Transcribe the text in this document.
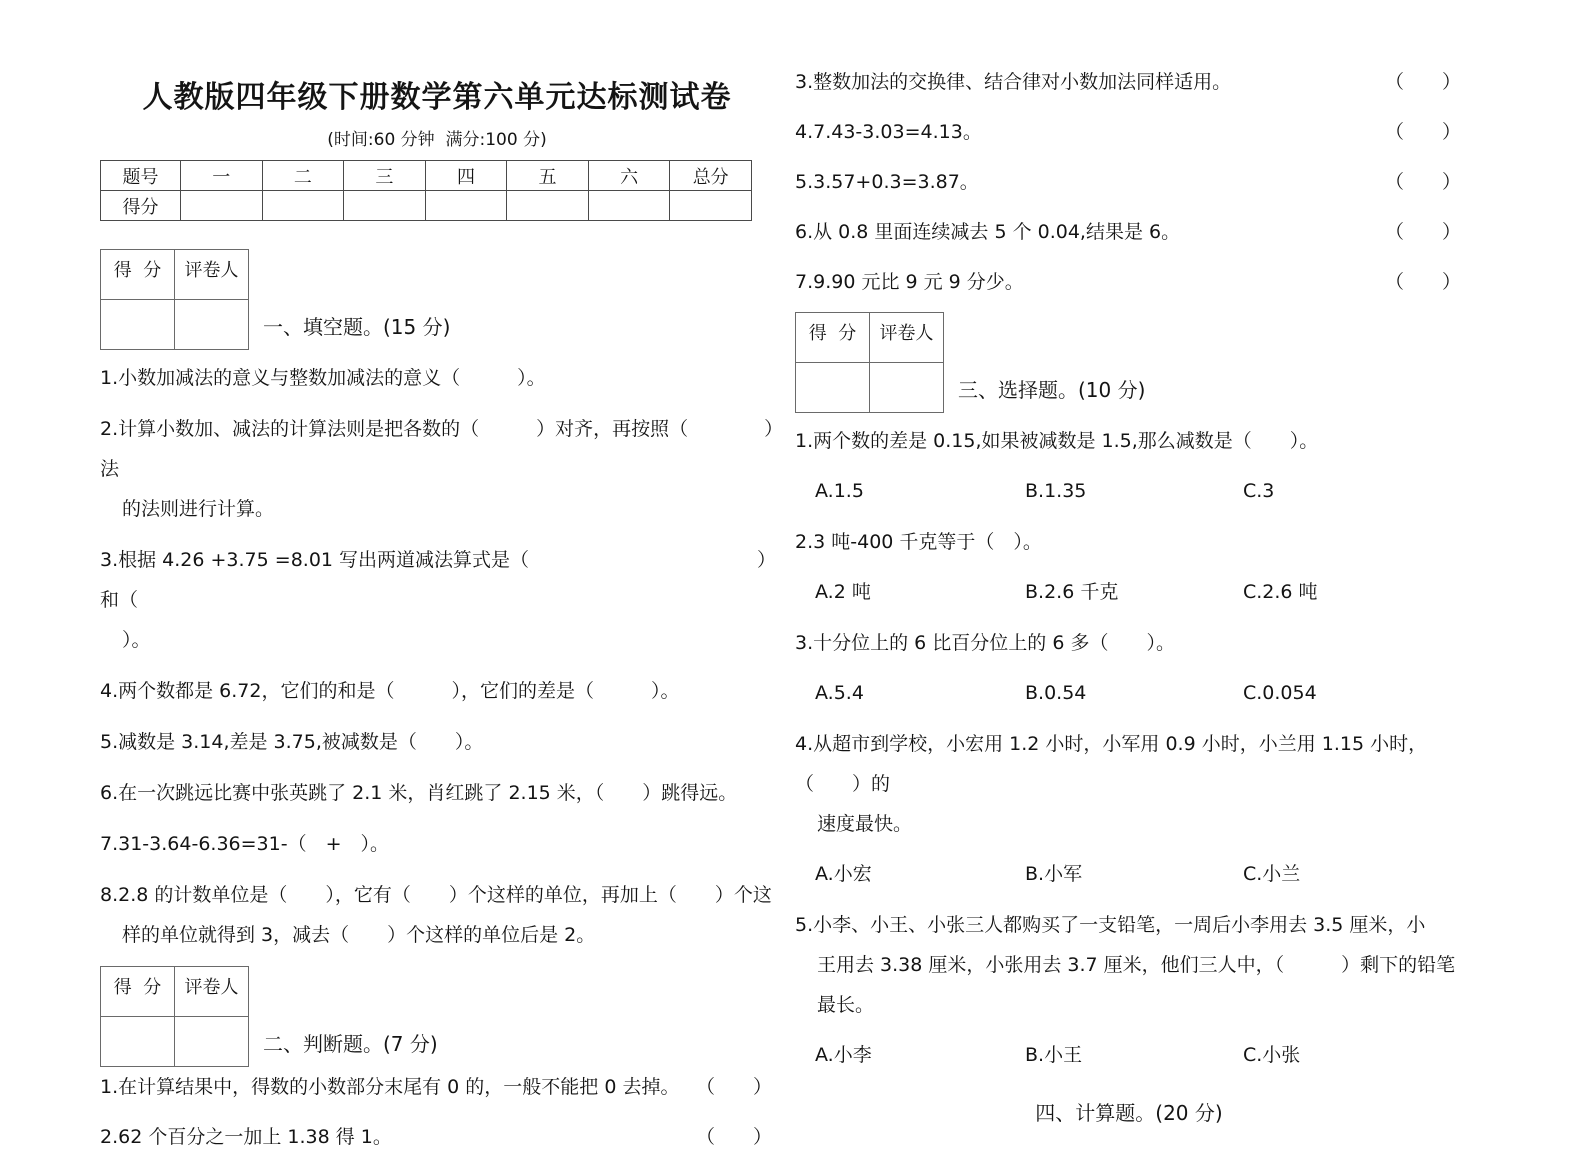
人教版四年级下册数学第六单元达标测试卷
(时间:60 分钟  满分:100 分)
题号	一	二	三	四	五	六	总分
得分							
得  分	评卷人

一、填空题。(15 分)
1.小数加减法的意义与整数加减法的意义（　　　）。
2.计算小数加、减法的计算法则是把各数的（　　　）对齐，再按照（　　　　）法
的法则进行计算。
3.根据 4.26 +3.75 =8.01 写出两道减法算式是（　　　　　　　　　　　　）和（
）。
4.两个数都是 6.72，它们的和是（　　　），它们的差是（　　　）。
5.减数是 3.14,差是 3.75,被减数是（　　）。
6.在一次跳远比赛中张英跳了 2.1 米，肖红跳了 2.15 米，（　　）跳得远。
7.31-3.64-6.36=31-（　+　）。
8.2.8 的计数单位是（　　），它有（　　）个这样的单位，再加上（　　）个这
样的单位就得到 3，减去（　　）个这样的单位后是 2。
得  分	评卷人

二、判断题。(7 分)
1.在计算结果中，得数的小数部分末尾有 0 的，一般不能把 0 去掉。 （　　）
2.62 个百分之一加上 1.38 得 1。	（　　）
3.整数加法的交换律、结合律对小数加法同样适用。	（　　）
4.7.43-3.03=4.13。	（　　）
5.3.57+0.3=3.87。	（　　）
6.从 0.8 里面连续减去 5 个 0.04,结果是 6。	（　　）
7.9.90 元比 9 元 9 分少。	（　　）
得  分	评卷人

三、选择题。(10 分)
1.两个数的差是 0.15,如果被减数是 1.5,那么减数是（　　）。
A.1.5	B.1.35	C.3
2.3 吨-400 千克等于（　）。
A.2 吨	B.2.6 千克	C.2.6 吨
3.十分位上的 6 比百分位上的 6 多（　　）。
A.5.4	B.0.54	C.0.054
4.从超市到学校，小宏用 1.2 小时，小军用 0.9 小时，小兰用 1.15 小时，（　　）的
速度最快。
A.小宏	B.小军	C.小兰
5.小李、小王、小张三人都购买了一支铅笔，一周后小李用去 3.5 厘米，小
王用去 3.38 厘米，小张用去 3.7 厘米，他们三人中，（　　　）剩下的铅笔
最长。
A.小李	B.小王	C.小张
四、计算题。(20 分)
